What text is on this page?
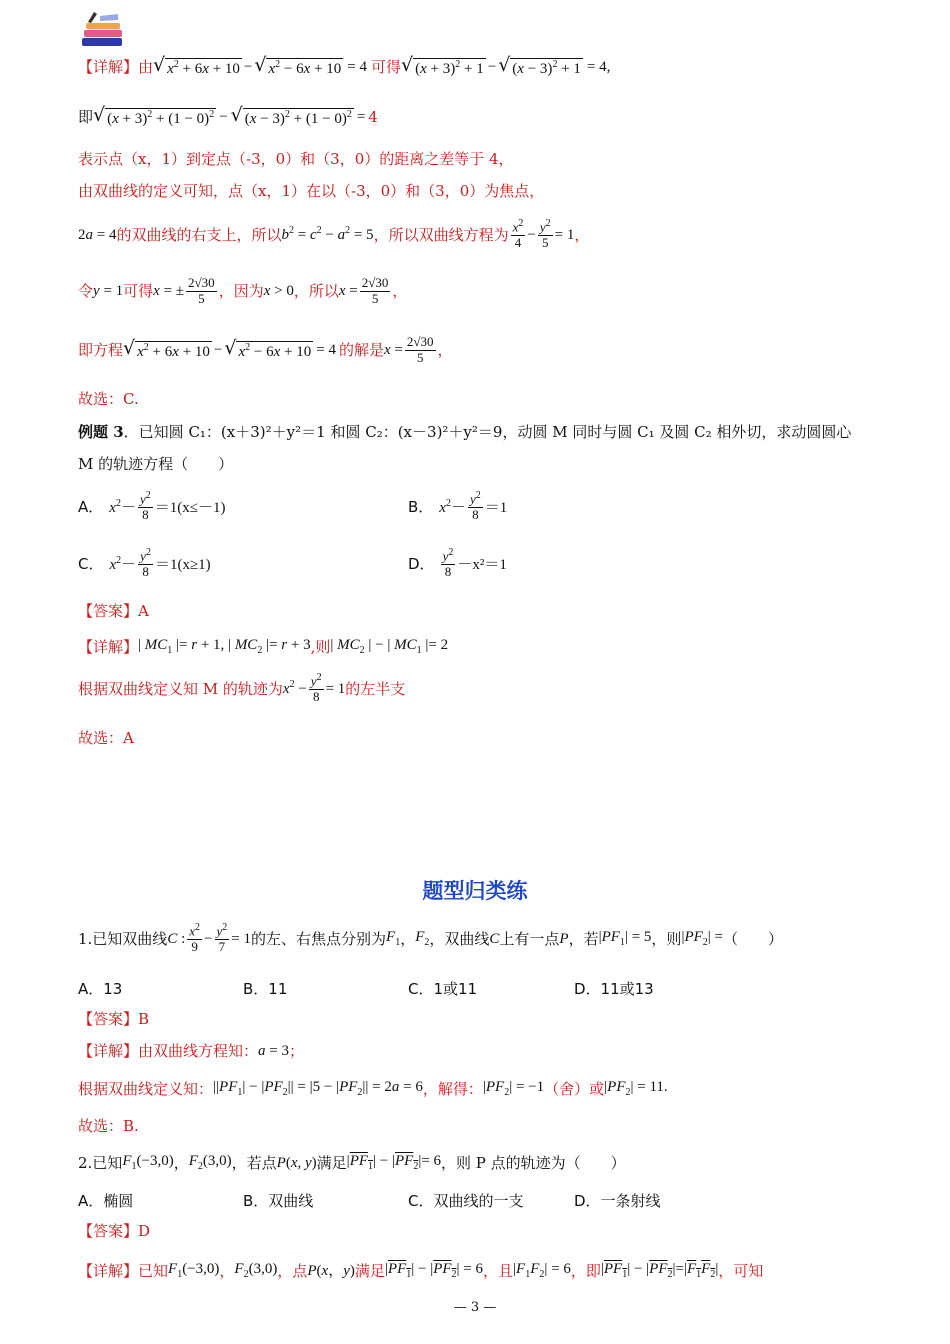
【详解】由 √ $x^2 + 6x + 10$ − √ $x^2 - 6x + 10 = 4$ 可得 √ $(x + 3)^2 + 1$ − √ $(x - 3)^2 + 1 = 4$,
即 √ $(x + 3)^2 + (1 - 0)^2$ − √ $(x - 3)^2 + (1 - 0)^2 = 4$
表示点（x，1）到定点（-3，0）和（3，0）的距离之差等于 4，
由双曲线的定义可知，点（x，1）在以（-3，0）和（3，0）为焦点，
2a = 4 的双曲线的右支上，所以 $b^2 = c^2 - a^2 = 5$ ，所以双曲线方程为 $\frac{x^2}{4} - \frac{y^2}{5} = 1$ ，
令 y = 1 可得 x = ± $\frac{2√30}{5}$ ，因为 x > 0 ，所以 $x = \frac{2√30}{5}$ ，
即方程 √ $x^2 + 6x + 10$ − √ $x^2 - 6x + 10 = 4$ 的解是 $x = \frac{2√30}{5}$ ，
故选：C.
例题 3 ．已知圆 C₁：(x＋3)²＋y²＝1 和圆 C₂：(x－3)²＋y²＝9，动圆 M 同时与圆 C₁ 及圆 C₂ 相外切，求动圆圆心
M 的轨迹方程（　　）
A． $x^2- \frac{y^2}{8} =1(x\le-1)$	B． $x^2- \frac{y^2}{8} =1$
C． $x^2- \frac{y^2}{8} =1(x\ge 1)$	D． $\frac{y^2}{8} -x^2=1$
【答案】A
【详解】 | $MC_1$ |= r + 1, | $MC_2$ |= r + 3 ,则 | $MC_2$ | − | $MC_1$ |= 2
根据双曲线定义知 M 的轨迹为 $x^2 - \frac{y^2}{8} = 1$ 的左半支
故选：A
题型归类练
1.已知双曲线 C : $\frac{x^2}{9} - \frac{y^2}{7} = 1$ 的左、右焦点分别为 $F_1$ ， $F_2$ ，双曲线 C 上有一点 P ，若 $|PF_1| = 5$ ，则 $|PF_2|$ = （　　）
A．13	B．11	C．1或11	D．11或13
【答案】B
【详解】由双曲线方程知： a = 3 ；
根据双曲线定义知： $||PF_1| - |PF_2|| = |5 - |PF_2|| = 2a = 6$ ，解得： $|PF_2| = -1$ （舍）或 $|PF_2| = 11$.
故选：B.
2.已知 $F_1(-3,0)$ ， $F_2(3,0)$ ，若点 P(x, y) 满足 $|PF_1| - |PF_2|= 6$ ，则 P 点的轨迹为（　　）
A．椭圆	B．双曲线	C．双曲线的一支	D．一条射线
【答案】D
【详解】已知 $F_1(-3,0)$ ， $F_2(3,0)$ ，点 P(x，y) 满足 $|PF_1| - |PF_2| = 6$ ，且 $|F_1F_2| = 6$ ，即 $|PF_1| - |PF_2|=|F_1F_2|$ ，可知
— 3 —
